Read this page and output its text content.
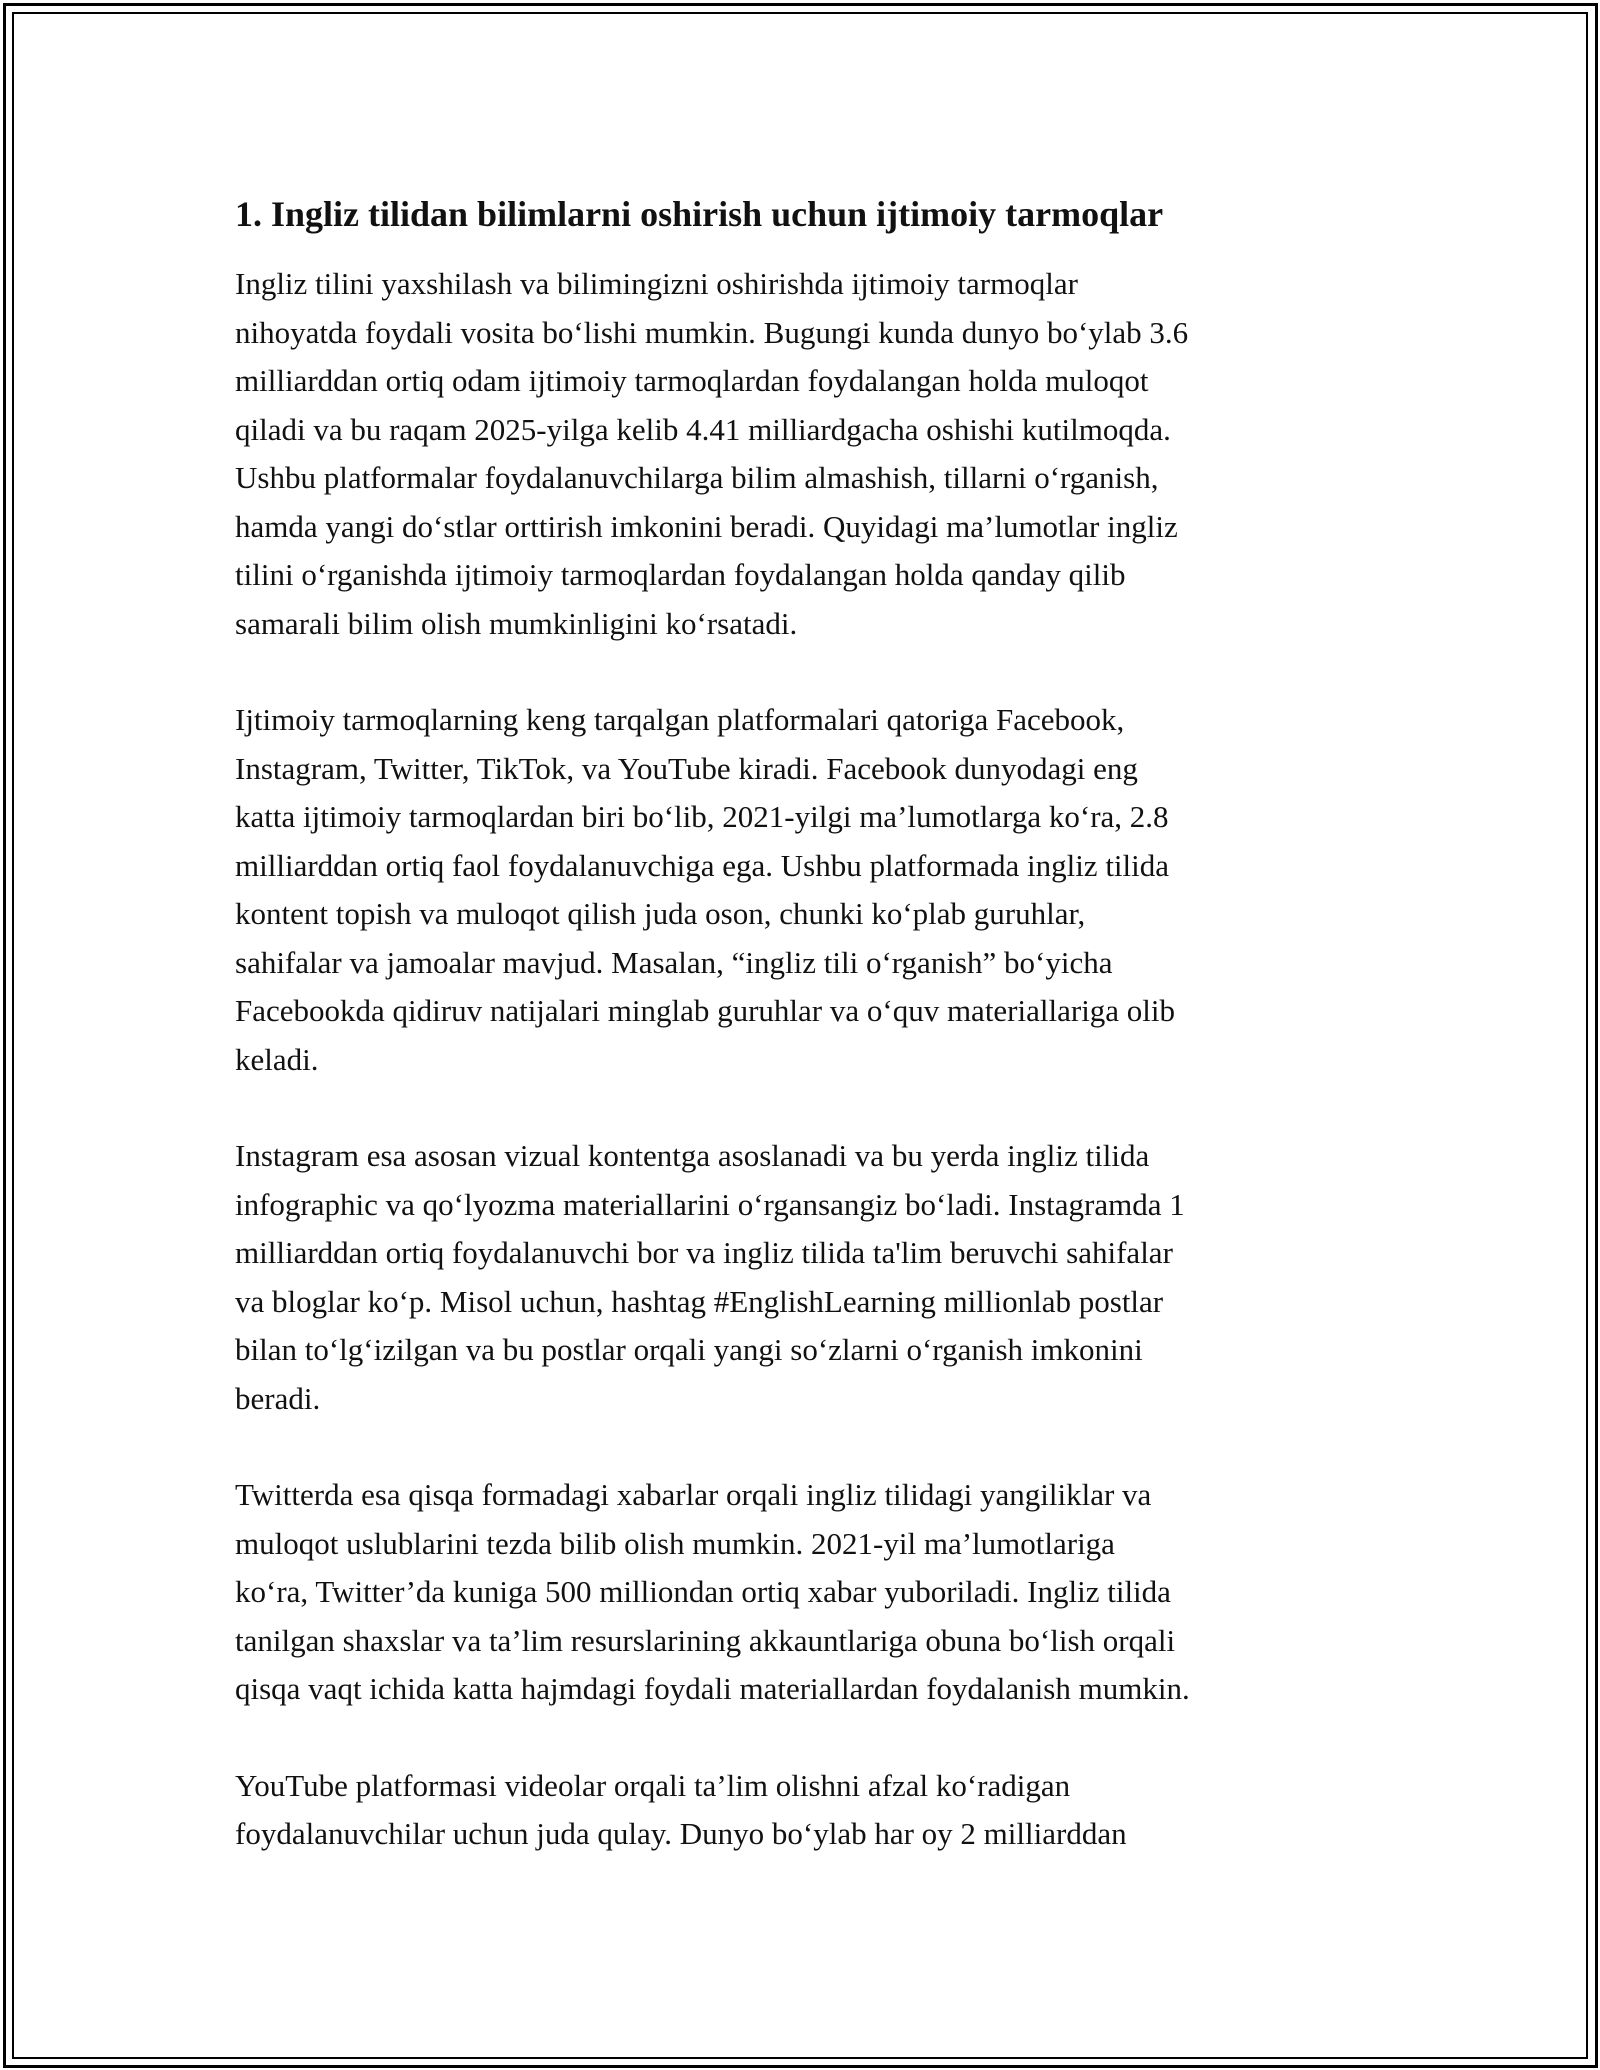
1. Ingliz tilidan bilimlarni oshirish uchun ijtimoiy tarmoqlar

Ingliz tilini yaxshilash va bilimingizni oshirishda ijtimoiy tarmoqlar
nihoyatda foydali vosita bo‘lishi mumkin. Bugungi kunda dunyo bo‘ylab 3.6
milliarddan ortiq odam ijtimoiy tarmoqlardan foydalangan holda muloqot
qiladi va bu raqam 2025-yilga kelib 4.41 milliardgacha oshishi kutilmoqda.
Ushbu platformalar foydalanuvchilarga bilim almashish, tillarni o‘rganish,
hamda yangi do‘stlar orttirish imkonini beradi. Quyidagi ma’lumotlar ingliz
tilini o‘rganishda ijtimoiy tarmoqlardan foydalangan holda qanday qilib
samarali bilim olish mumkinligini ko‘rsatadi.

Ijtimoiy tarmoqlarning keng tarqalgan platformalari qatoriga Facebook,
Instagram, Twitter, TikTok, va YouTube kiradi. Facebook dunyodagi eng
katta ijtimoiy tarmoqlardan biri bo‘lib, 2021-yilgi ma’lumotlarga ko‘ra, 2.8
milliarddan ortiq faol foydalanuvchiga ega. Ushbu platformada ingliz tilida
kontent topish va muloqot qilish juda oson, chunki ko‘plab guruhlar,
sahifalar va jamoalar mavjud. Masalan, “ingliz tili o‘rganish” bo‘yicha
Facebookda qidiruv natijalari minglab guruhlar va o‘quv materiallariga olib
keladi.

Instagram esa asosan vizual kontentga asoslanadi va bu yerda ingliz tilida
infographic va qo‘lyozma materiallarini o‘rgansangiz bo‘ladi. Instagramda 1
milliarddan ortiq foydalanuvchi bor va ingliz tilida ta'lim beruvchi sahifalar
va bloglar ko‘p. Misol uchun, hashtag #EnglishLearning millionlab postlar
bilan to‘lg‘izilgan va bu postlar orqali yangi so‘zlarni o‘rganish imkonini
beradi.

Twitterda esa qisqa formadagi xabarlar orqali ingliz tilidagi yangiliklar va
muloqot uslublarini tezda bilib olish mumkin. 2021-yil ma’lumotlariga
ko‘ra, Twitter’da kuniga 500 milliondan ortiq xabar yuboriladi. Ingliz tilida
tanilgan shaxslar va ta’lim resurslarining akkauntlariga obuna bo‘lish orqali
qisqa vaqt ichida katta hajmdagi foydali materiallardan foydalanish mumkin.

YouTube platformasi videolar orqali ta’lim olishni afzal ko‘radigan
foydalanuvchilar uchun juda qulay. Dunyo bo‘ylab har oy 2 milliarddan
